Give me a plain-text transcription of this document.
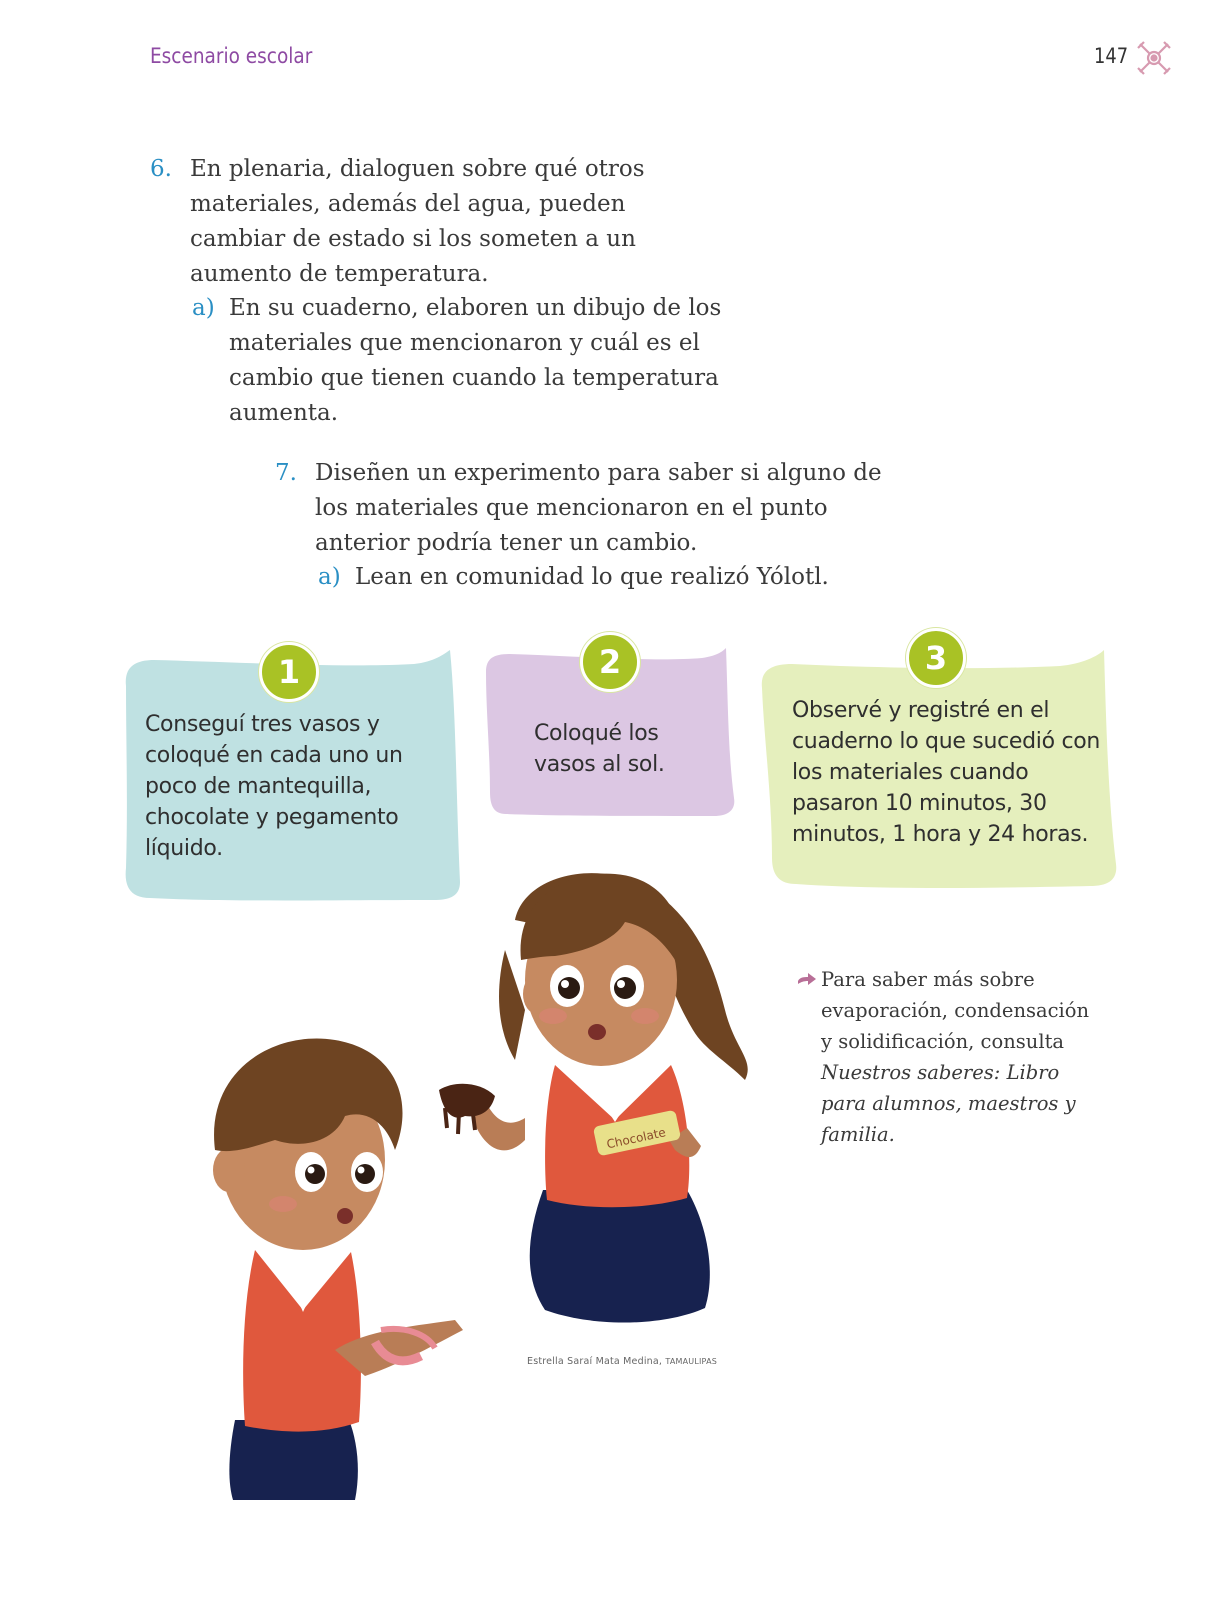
Escenario escolar	147
6. En plenaria, dialoguen sobre qué otros materiales, además del agua, pueden cambiar de estado si los someten a un aumento de temperatura.
a) En su cuaderno, elaboren un dibujo de los materiales que mencionaron y cuál es el cambio que tienen cuando la temperatura aumenta.
7. Diseñen un experimento para saber si alguno de los materiales que mencionaron en el punto anterior podría tener un cambio.
a) Lean en comunidad lo que realizó Yólotl.
1
Conseguí tres vasos y coloqué en cada uno un poco de mantequilla, chocolate y pegamento líquido.
2
Coloqué los vasos al sol.
3
Observé y registré en el cuaderno lo que sucedió con los materiales cuando pasaron 10 minutos, 30 minutos, 1 hora y 24 horas.
Chocolate
Estrella Saraí Mata Medina, TAMAULIPAS
Para saber más sobre evaporación, condensación y solidificación, consulta
Nuestros saberes: Libro para alumnos, maestros y familia.
